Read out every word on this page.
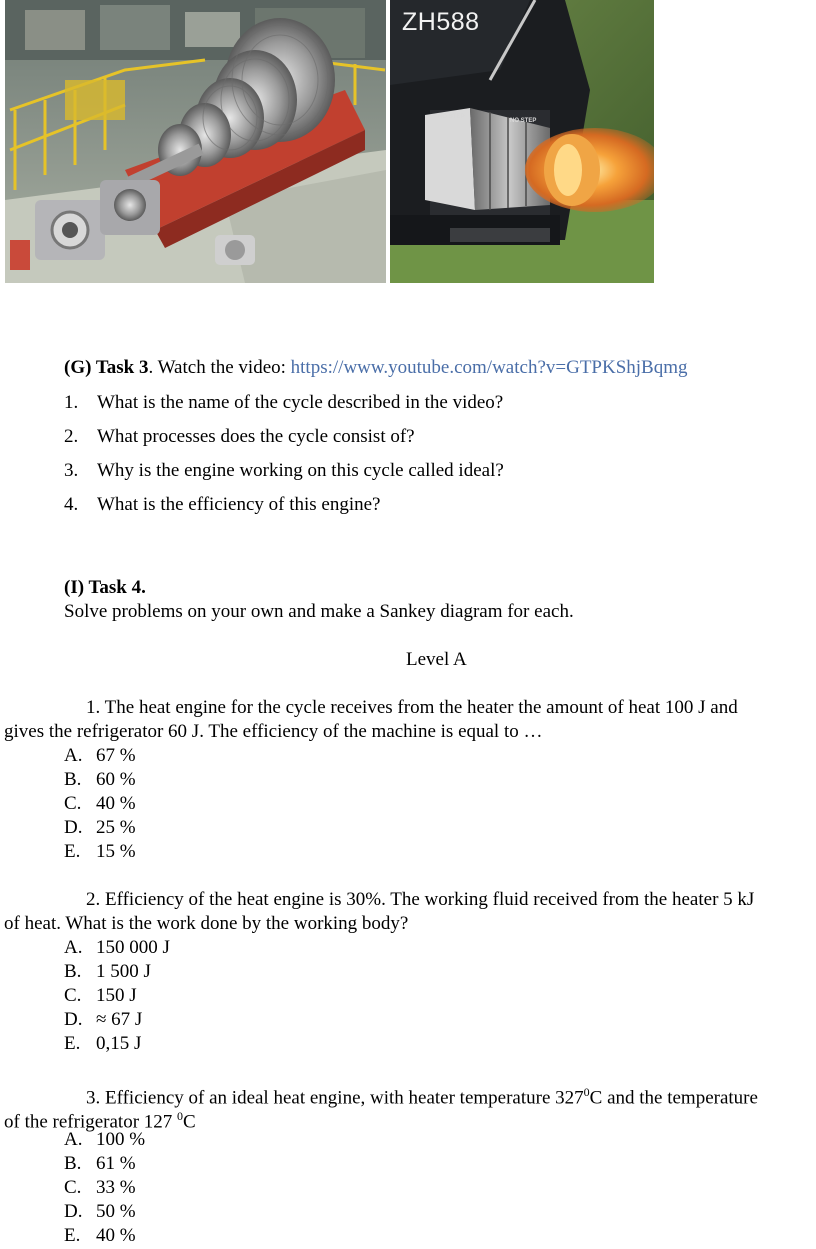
ZH588
NO STEP
NO STEP
(G) Task 3. Watch the video: https://www.youtube.com/watch?v=GTPKShjBqmg
1. What is the name of the cycle described in the video?
2. What processes does the cycle consist of?
3. Why is the engine working on this cycle called ideal?
4. What is the efficiency of this engine?
(I) Task 4.
Solve problems on your own and make a Sankey diagram for each.
Level A
1. The heat engine for the cycle receives from the heater the amount of heat 100 J and
gives the refrigerator 60 J. The efficiency of the machine is equal to …
A. 67 %
B. 60 %
C. 40 %
D. 25 %
E. 15 %
2. Efficiency of the heat engine is 30%. The working fluid received from the heater 5 kJ
of heat. What is the work done by the working body?
A. 150 000 J
B. 1 500 J
C. 150 J
D. ≈ 67 J
E. 0,15 J
3. Efficiency of an ideal heat engine, with heater temperature $327^0C$ and the temperature
of the refrigerator 127 $^0$C
A. 100 %
B. 61 %
C. 33 %
D. 50 %
E. 40 %
